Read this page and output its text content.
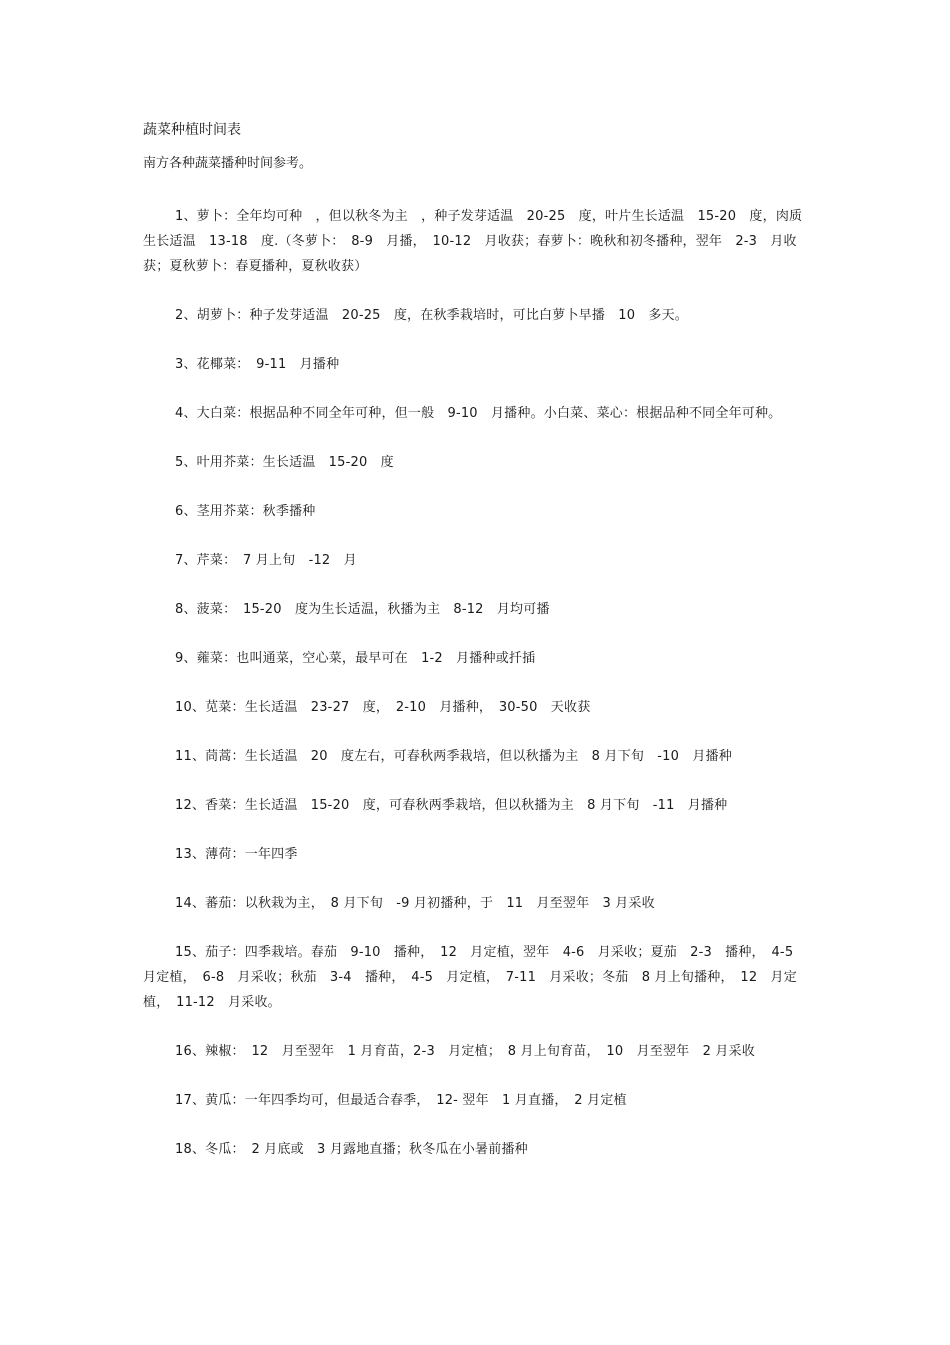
蔬菜种植时间表
南方各种蔬菜播种时间参考。

1、萝卜：全年均可种　，但以秋冬为主　，种子发芽适温　20-25　度，叶片生长适温　15-20　度，肉质生长适温　13-18　度.（冬萝卜：　8-9　月播，　10-12　月收获；春萝卜：晚秋和初冬播种，翌年　2-3　月收获；夏秋萝卜：春夏播种，夏秋收获）

2、胡萝卜：种子发芽适温　20-25　度，在秋季栽培时，可比白萝卜早播　10　多天。

3、花椰菜：　9-11　月播种

4、大白菜：根据品种不同全年可种，但一般　9-10　月播种。小白菜、菜心：根据品种不同全年可种。

5、叶用芥菜：生长适温　15-20　度

6、茎用芥菜：秋季播种

7、芹菜：　7 月上旬　-12　月

8、菠菜：　15-20　度为生长适温，秋播为主　8-12　月均可播

9、蕹菜：也叫通菜，空心菜，最早可在　1-2　月播种或扦插

10、苋菜：生长适温　23-27　度，　2-10　月播种，　30-50　天收获

11、茼蒿：生长适温　20　度左右，可春秋两季栽培，但以秋播为主　8 月下旬　-10　月播种

12、香菜：生长适温　15-20　度，可春秋两季栽培，但以秋播为主　8 月下旬　-11　月播种

13、薄荷：一年四季

14、蕃茄：以秋栽为主，　8 月下旬　-9 月初播种，于　11　月至翌年　3 月采收

15、茄子：四季栽培。春茄　9-10　播种，　12　月定植，翌年　4-6　月采收；夏茄　2-3　播种，　4-5　月定植，　6-8　月采收；秋茄　3-4　播种，　4-5　月定植，　7-11　月采收；冬茄　8 月上旬播种，　12　月定植，　11-12　月采收。

16、辣椒：　12　月至翌年　1 月育苗，2-3　月定植；　8 月上旬育苗，　10　月至翌年　2 月采收

17、黄瓜：一年四季均可，但最适合春季，　12- 翌年　1 月直播，　2 月定植

18、冬瓜：　2 月底或　3 月露地直播；秋冬瓜在小暑前播种
